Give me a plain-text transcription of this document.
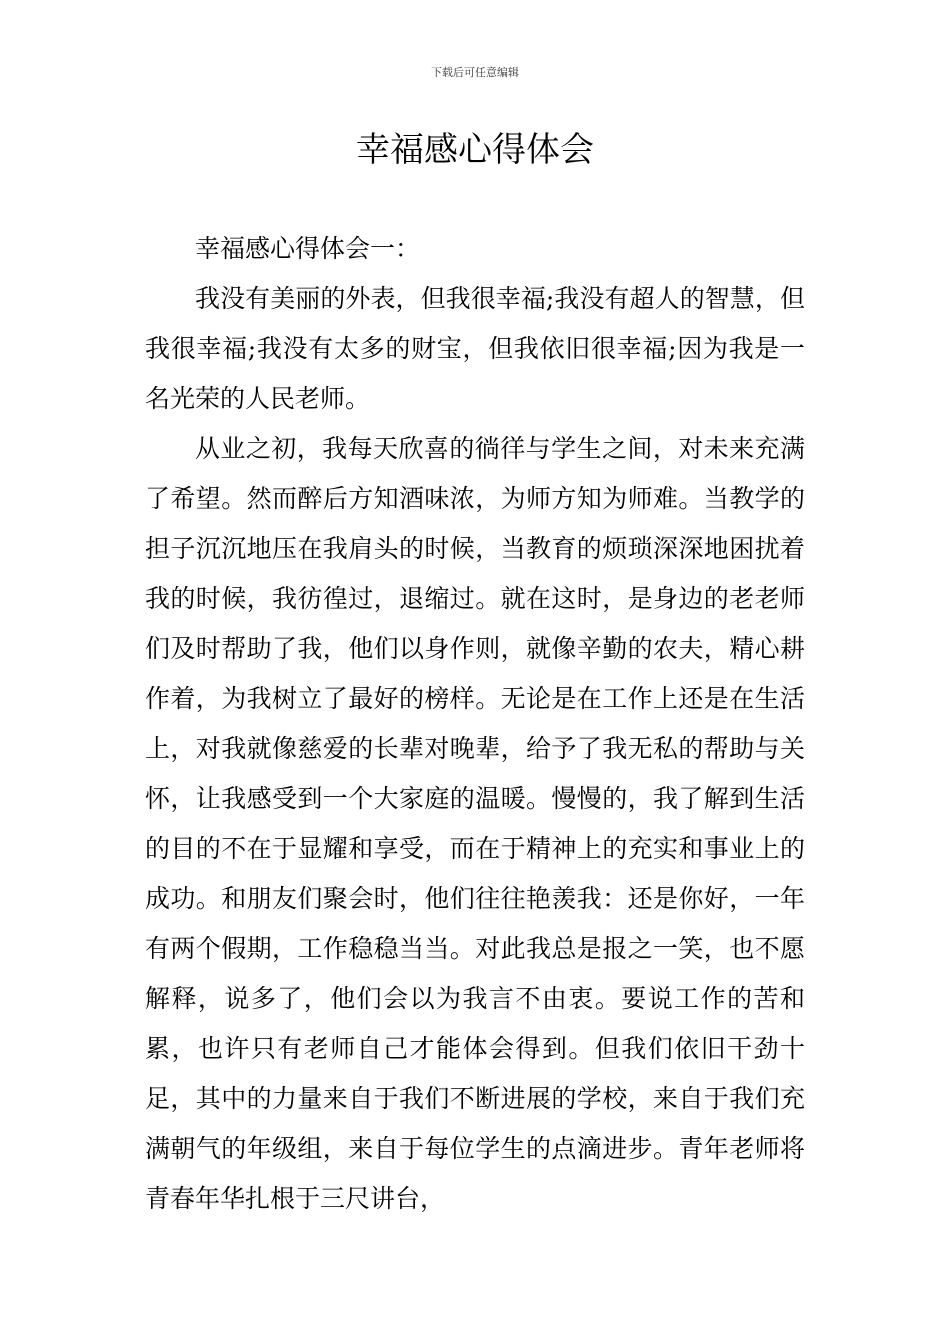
下载后可任意编辑
幸福感心得体会

幸福感心得体会一：

我没有美丽的外表，但我很幸福;我没有超人的智慧，但我很幸福;我没有太多的财宝，但我依旧很幸福;因为我是一名光荣的人民老师。

从业之初，我每天欣喜的徜徉与学生之间，对未来充满了希望。然而醉后方知酒味浓，为师方知为师难。当教学的担子沉沉地压在我肩头的时候，当教育的烦琐深深地困扰着我的时候，我彷徨过，退缩过。就在这时，是身边的老老师们及时帮助了我，他们以身作则，就像辛勤的农夫，精心耕作着，为我树立了最好的榜样。无论是在工作上还是在生活上，对我就像慈爱的长辈对晚辈，给予了我无私的帮助与关怀，让我感受到一个大家庭的温暖。慢慢的，我了解到生活的目的不在于显耀和享受，而在于精神上的充实和事业上的成功。和朋友们聚会时，他们往往艳羡我：还是你好，一年有两个假期，工作稳稳当当。对此我总是报之一笑，也不愿解释，说多了，他们会以为我言不由衷。要说工作的苦和累，也许只有老师自己才能体会得到。但我们依旧干劲十足，其中的力量来自于我们不断进展的学校，来自于我们充满朝气的年级组，来自于每位学生的点滴进步。青年老师将青春年华扎根于三尺讲台，
